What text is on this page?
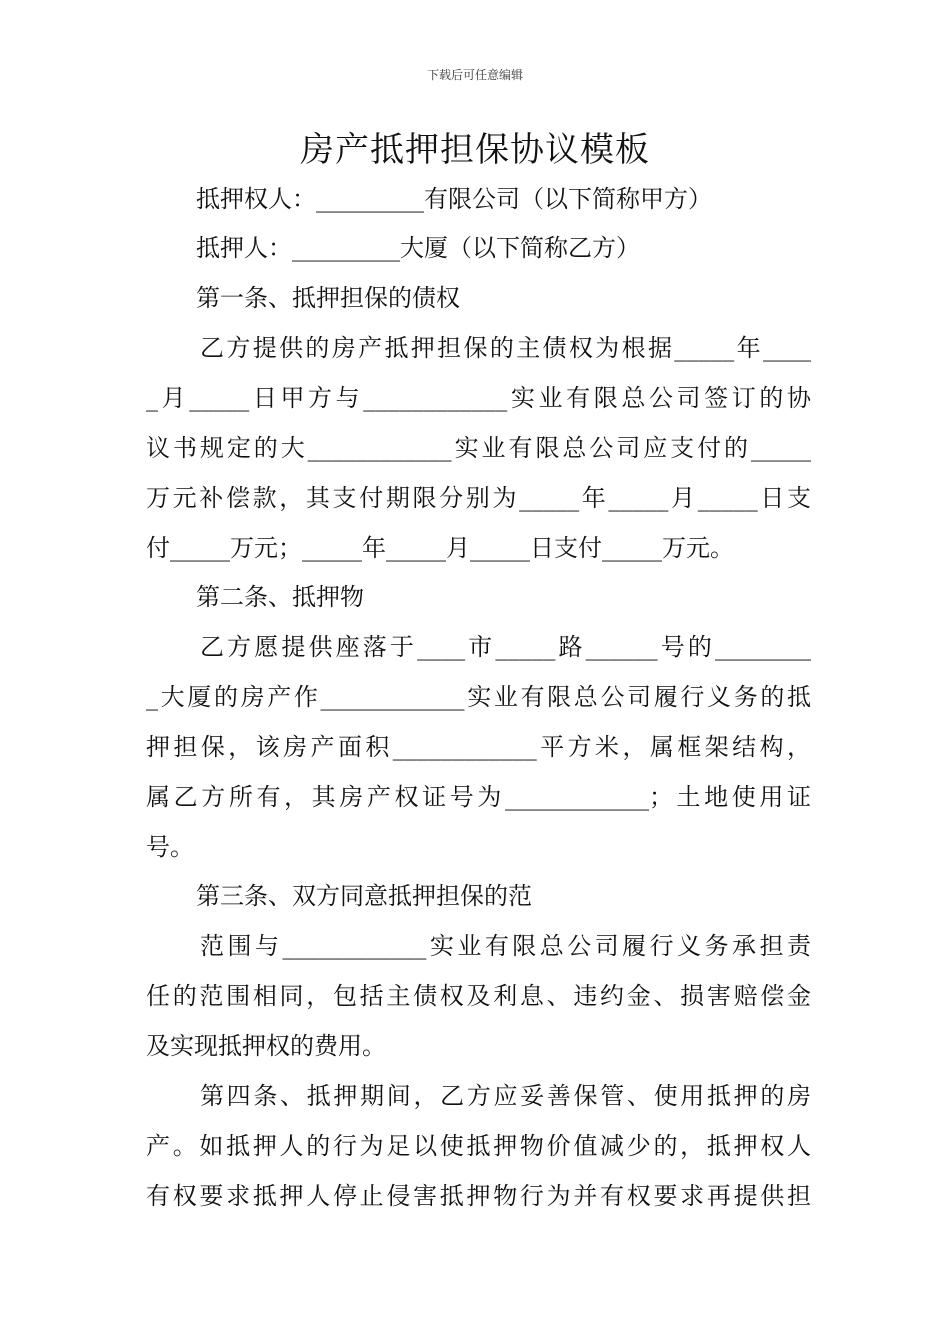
下载后可任意编辑
房产抵押担保协议模板
抵押权人：_________有限公司（以下简称甲方）
抵押人：_________大厦（以下简称乙方）
第一条、抵押担保的债权
乙方提供的房产抵押担保的主债权为根据_____年____
_月_____日甲方与____________实业有限总公司签订的协
议书规定的大____________实业有限总公司应支付的_____
万元补偿款，其支付期限分别为_____年_____月_____日支
付_____万元；_____年_____月_____日支付_____万元。
第二条、抵押物
乙方愿提供座落于____市_____路______号的________
_大厦的房产作____________实业有限总公司履行义务的抵
押担保，该房产面积____________平方米，属框架结构，
属乙方所有，其房产权证号为____________；土地使用证
号。
第三条、双方同意抵押担保的范
范围与____________实业有限总公司履行义务承担责
任的范围相同，包括主债权及利息、违约金、损害赔偿金
及实现抵押权的费用。
第四条、抵押期间，乙方应妥善保管、使用抵押的房
产。如抵押人的行为足以使抵押物价值减少的，抵押权人
有权要求抵押人停止侵害抵押物行为并有权要求再提供担
